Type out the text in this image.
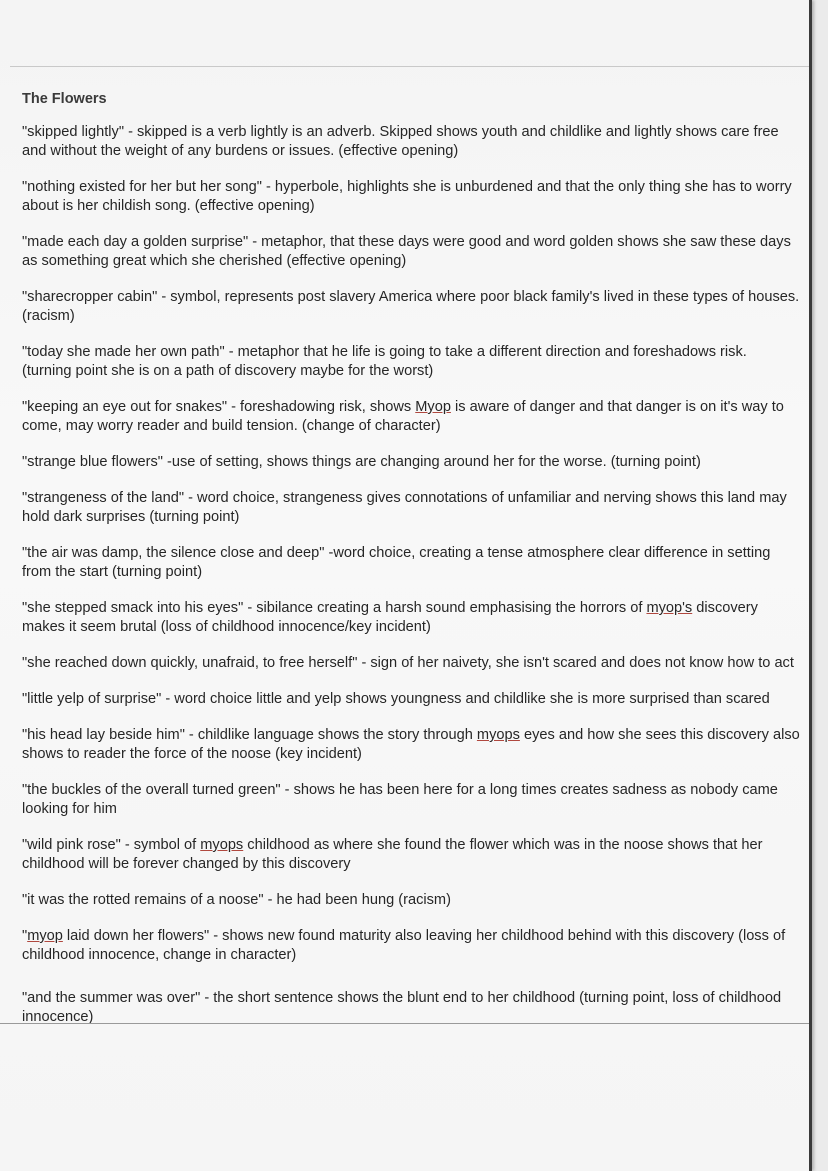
The Flowers

"skipped lightly" - skipped is a verb lightly is an adverb. Skipped shows youth and childlike and lightly shows care free and without the weight of any burdens or issues. (effective opening)

"nothing existed for her but her song" - hyperbole, highlights she is unburdened and that the only thing she has to worry about is her childish song. (effective opening)

"made each day a golden surprise" - metaphor, that these days were good and word golden shows she saw these days as something great which she cherished (effective opening)

"sharecropper cabin" - symbol, represents post slavery America where poor black family's lived in these types of houses. (racism)

"today she made her own path" - metaphor that he life is going to take a different direction and foreshadows risk. (turning point she is on a path of discovery maybe for the worst)

"keeping an eye out for snakes" - foreshadowing risk, shows Myop is aware of danger and that danger is on it's way to come, may worry reader and build tension. (change of character)

"strange blue flowers" -use of setting, shows things are changing around her for the worse. (turning point)

"strangeness of the land" - word choice, strangeness gives connotations of unfamiliar and nerving shows this land may hold dark surprises (turning point)

"the air was damp, the silence close and deep" -word choice, creating a tense atmosphere clear difference in setting from the start (turning point)

"she stepped smack into his eyes" - sibilance creating a harsh sound emphasising the horrors of myop's discovery makes it seem brutal (loss of childhood innocence/key incident)

"she reached down quickly, unafraid, to free herself" - sign of her naivety, she isn't scared and does not know how to act

"little yelp of surprise" - word choice little and yelp shows youngness and childlike she is more surprised than scared

"his head lay beside him" - childlike language shows the story through myops eyes and how she sees this discovery also shows to reader the force of the noose (key incident)

"the buckles of the overall turned green" - shows he has been here for a long times creates sadness as nobody came looking for him

"wild pink rose" - symbol of myops childhood as where she found the flower which was in the noose shows that her childhood will be forever changed by this discovery

"it was the rotted remains of a noose" - he had been hung (racism)

"myop laid down her flowers" - shows new found maturity also leaving her childhood behind with this discovery (loss of childhood innocence, change in character)

"and the summer was over" - the short sentence shows the blunt end to her childhood (turning point, loss of childhood innocence)
